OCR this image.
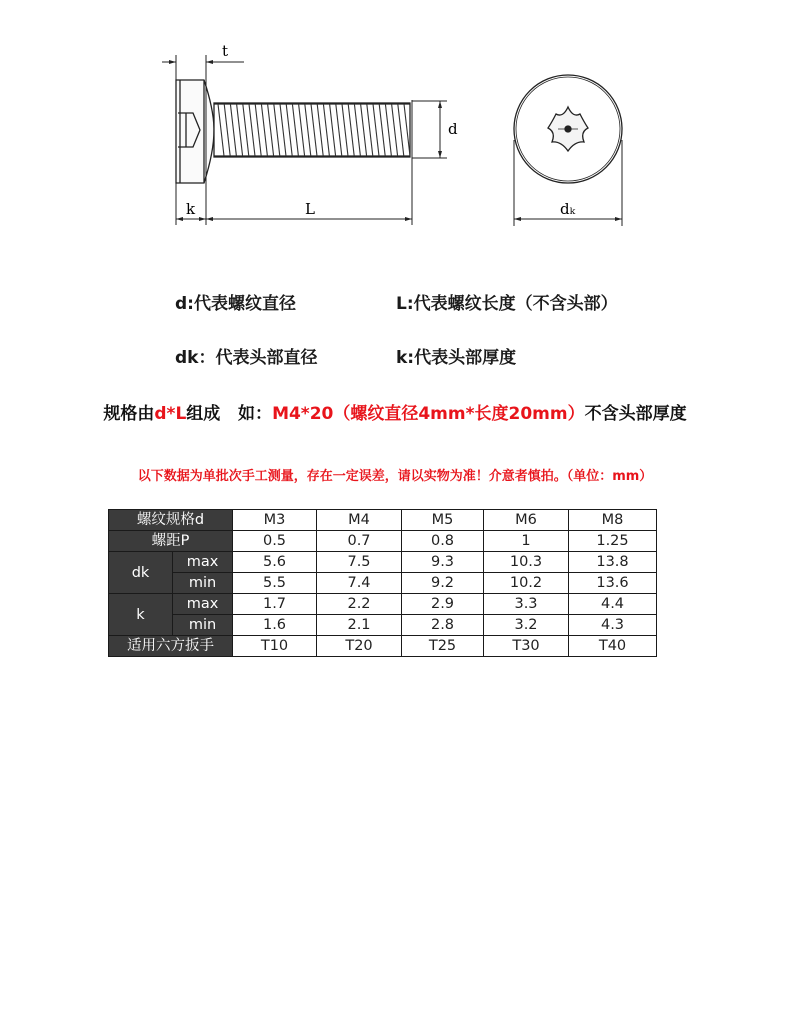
t
d
k	L	dₖ
d:代表螺纹直径	L:代表螺纹长度（不含头部）
dk：代表头部直径	k:代表头部厚度
规格由d*L组成   如：M4*20（螺纹直径4mm*长度20mm）不含头部厚度
以下数据为单批次手工测量，存在一定误差，请以实物为准！介意者慎拍。（单位：mm）
螺纹规格d		M3	M4	M5	M6	M8
螺距P		0.5	0.7	0.8	1	1.25
dk	max	5.6	7.5	9.3	10.3	13.8
	min	5.5	7.4	9.2	10.2	13.6
k	max	1.7	2.2	2.9	3.3	4.4
	min	1.6	2.1	2.8	3.2	4.3
适用六方扳手		T10	T20	T25	T30	T40
